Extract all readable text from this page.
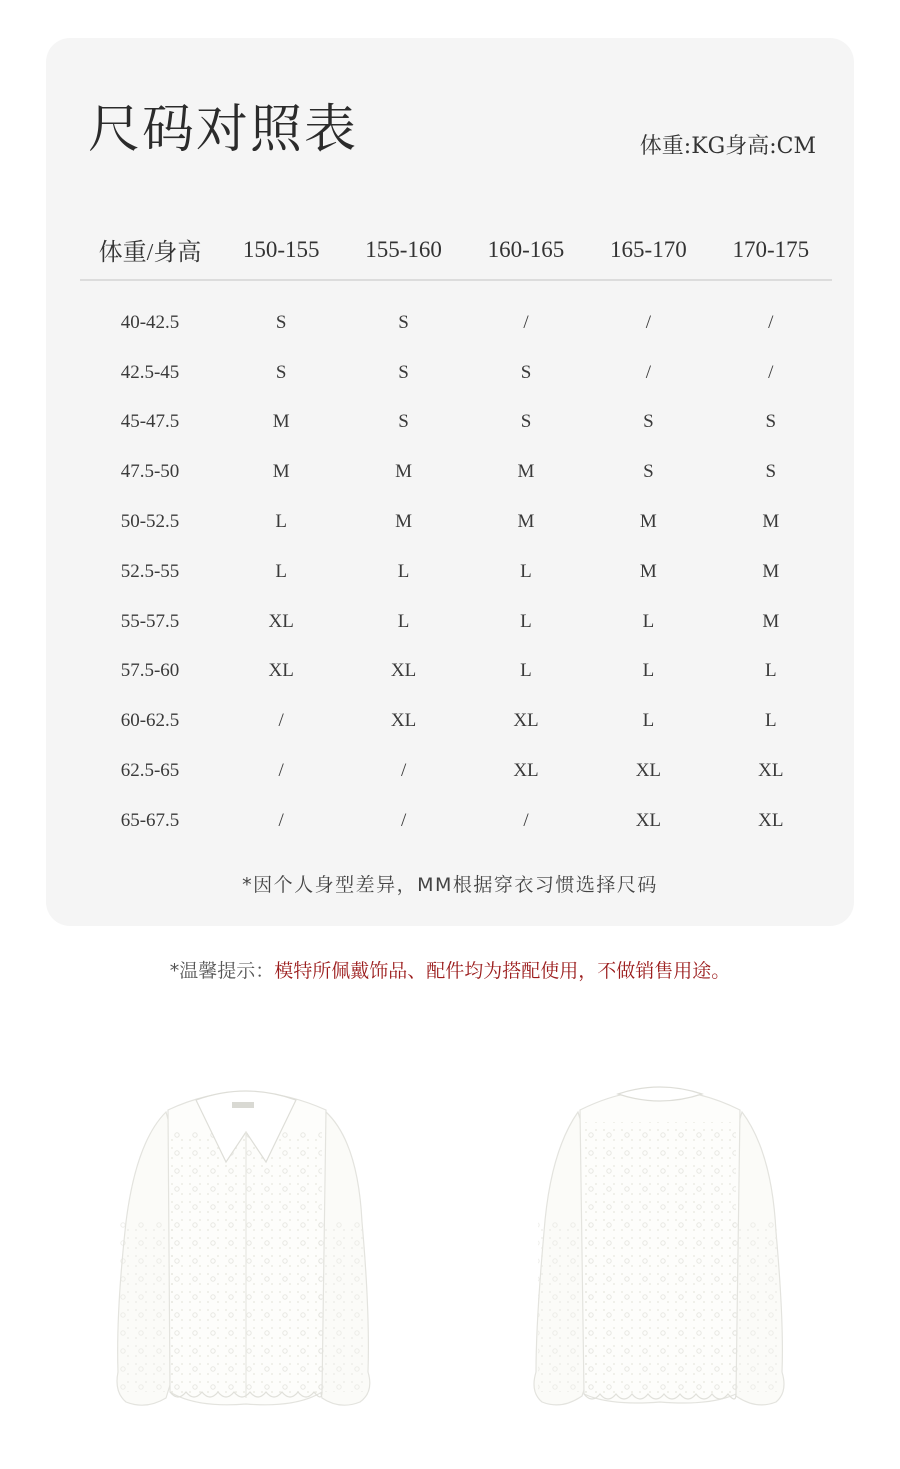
尺码对照表	体重:KG身高:CM
体重/身高	150-155	155-160	160-165	165-170	170-175

40-42.5	S	S	/	/	/
42.5-45	S	S	S	/	/
45-47.5	M	S	S	S	S
47.5-50	M	M	M	S	S
50-52.5	L	M	M	M	M
52.5-55	L	L	L	M	M
55-57.5	XL	L	L	L	M
57.5-60	XL	XL	L	L	L
60-62.5	/	XL	XL	L	L
62.5-65	/	/	XL	XL	XL
65-67.5	/	/	/	XL	XL
*因个人身型差异，MM根据穿衣习惯选择尺码
*温馨提示：模特所佩戴饰品、配件均为搭配使用，不做销售用途。
